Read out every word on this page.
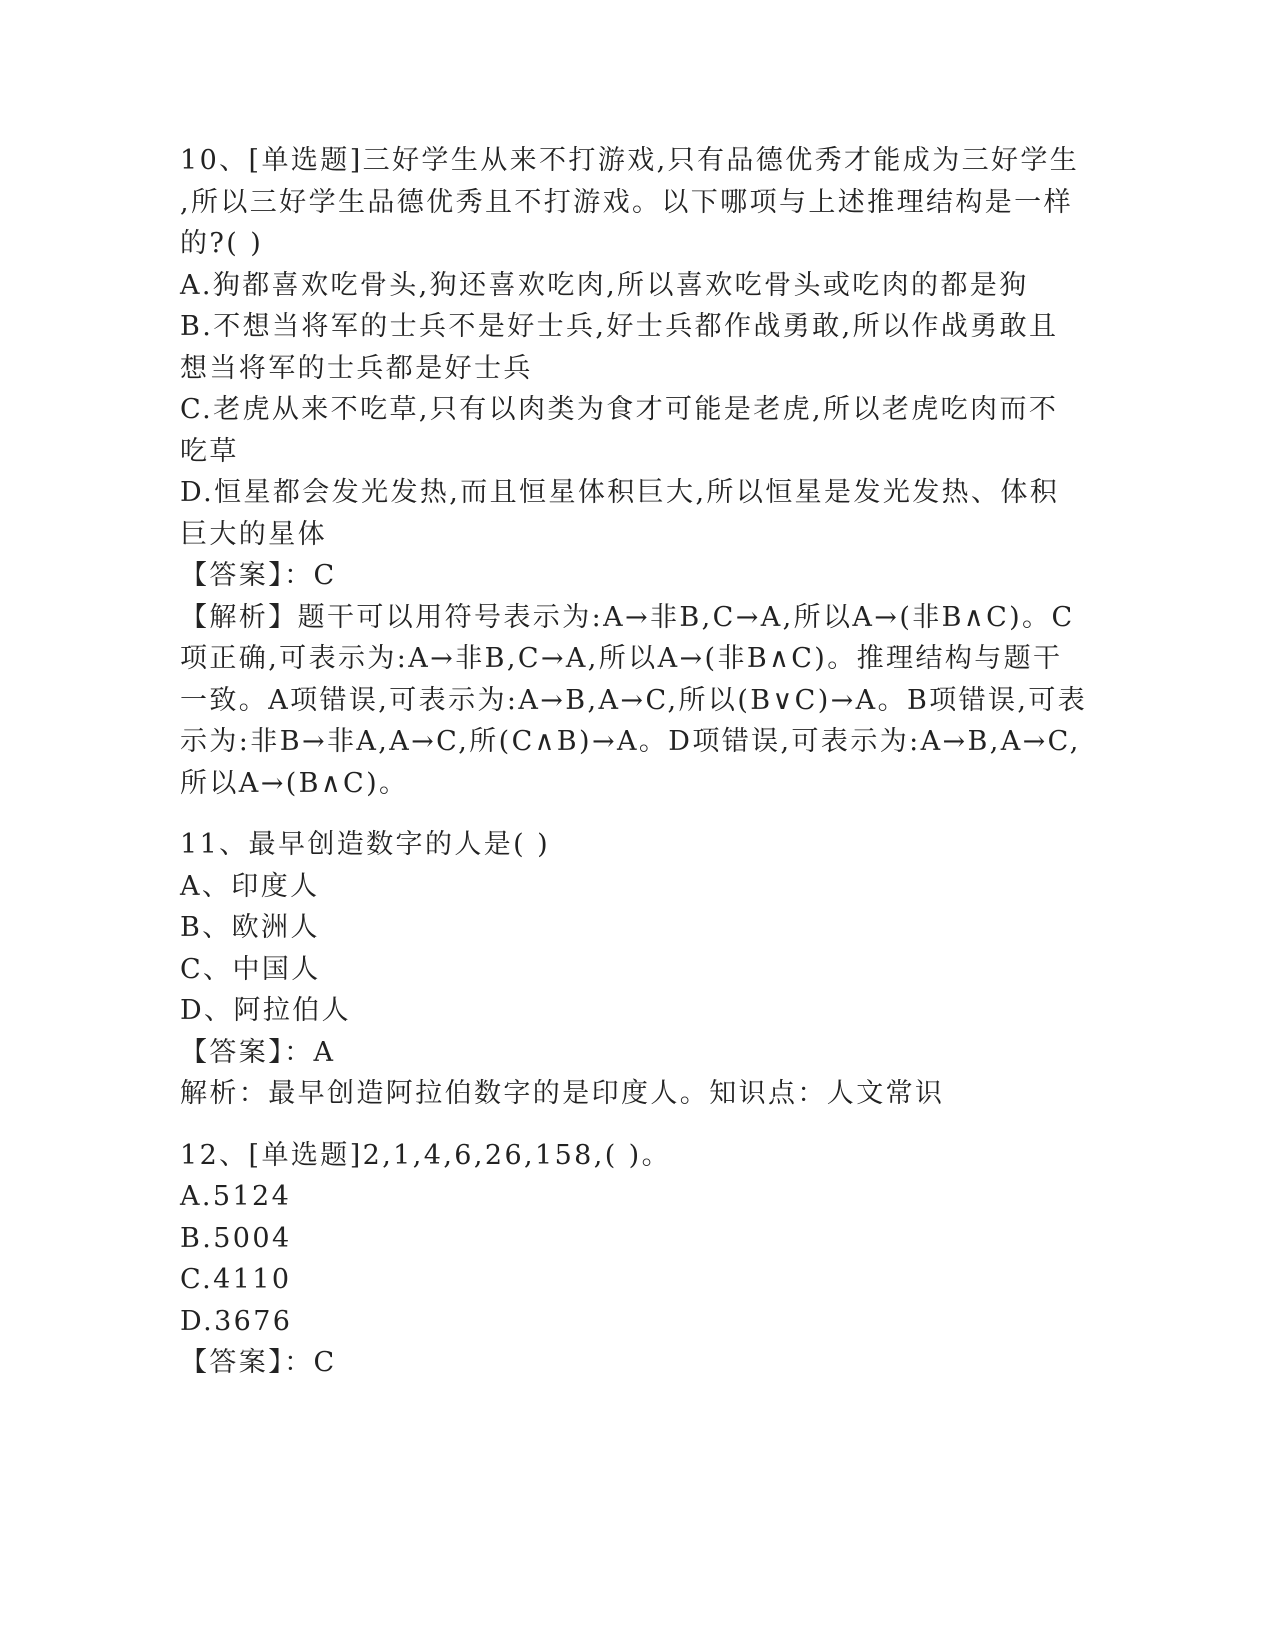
10、[单选题]三好学生从来不打游戏,只有品德优秀才能成为三好学生
,所以三好学生品德优秀且不打游戏。以下哪项与上述推理结构是一样
的?( )
A.狗都喜欢吃骨头,狗还喜欢吃肉,所以喜欢吃骨头或吃肉的都是狗
B.不想当将军的士兵不是好士兵,好士兵都作战勇敢,所以作战勇敢且
想当将军的士兵都是好士兵
C.老虎从来不吃草,只有以肉类为食才可能是老虎,所以老虎吃肉而不
吃草
D.恒星都会发光发热,而且恒星体积巨大,所以恒星是发光发热、体积
巨大的星体
【答案】：C
【解析】题干可以用符号表示为:A→非B,C→A,所以A→(非B∧C)。C
项正确,可表示为:A→非B,C→A,所以A→(非B∧C)。推理结构与题干
一致。A项错误,可表示为:A→B,A→C,所以(B∨C)→A。B项错误,可表
示为:非B→非A,A→C,所(C∧B)→A。D项错误,可表示为:A→B,A→C,
所以A→(B∧C)。
11、最早创造数字的人是( )
A、印度人
B、欧洲人
C、中国人
D、阿拉伯人
【答案】：A
解析：最早创造阿拉伯数字的是印度人。知识点：人文常识
12、[单选题]2,1,4,6,26,158,( )。
A.5124
B.5004
C.4110
D.3676
【答案】：C
